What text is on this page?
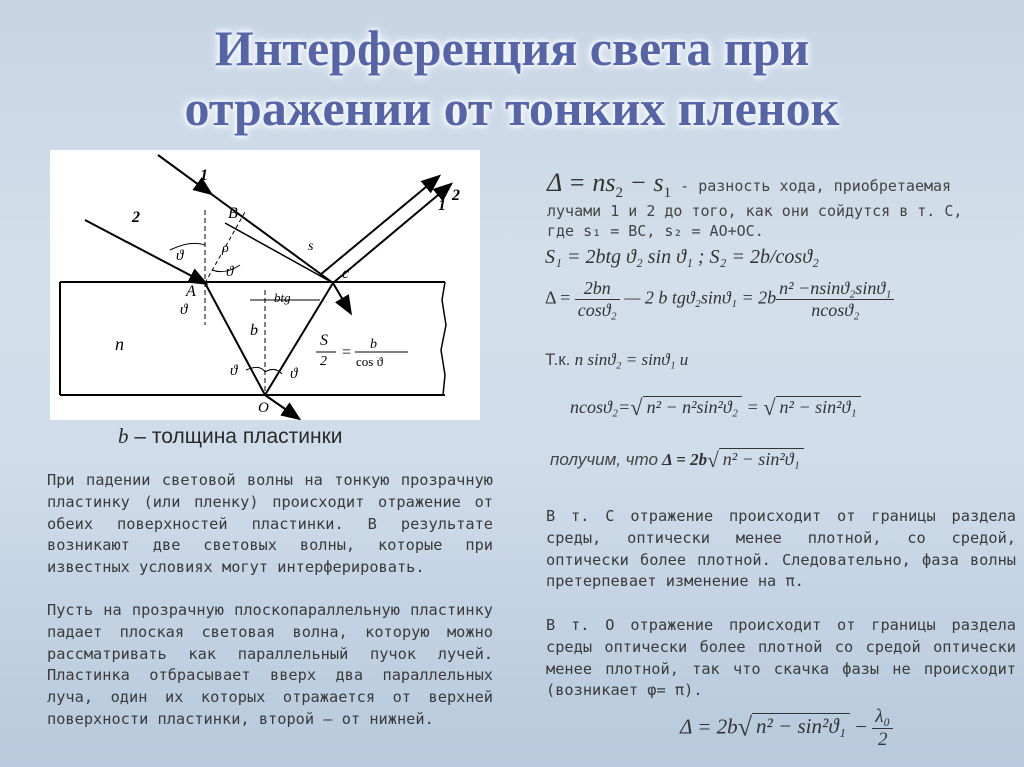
Интерференция света при
отражении от тонких пленок
1
2
1
2
A
B
c
O
n
b
btg
s
ρ
ϑ
ϑ
ϑ
ϑ	ϑ
S
2
= b
cos ϑ
b – толщина пластинки

При падении световой волны на тонкую прозрачную пластинку (или пленку) происходит отражение от обеих поверхностей пластинки. В результате возникают две световых волны, которые при известных условиях могут интерферировать.

Пусть на прозрачную плоскопараллельную пластинку падает плоская световая волна, которую можно рассматривать как параллельный пучок лучей. Пластинка отбрасывает вверх два параллельных луча, один их которых отражается от верхней поверхности пластинки, второй – от нижней.

$\Delta = ns_2 - s_1$ - разность хода, приобретаемая
лучами 1 и 2 до того, как они сойдутся в т. С,
где s₁ = BC, s₂ = AO+OC.
S₁ = 2btg ϑ₂ sin ϑ₁ ; S₂ = 2b/cosϑ₂
$\Delta = \frac{2bn}{\text{cosϑ₂}}$ — 2 b $tgϑ_2\sin ϑ_1 = 2b \frac{\text{n² −nsinϑ₂sinϑ₁}}{\text{ncosϑ₂}}$
Т.к. n sinϑ₂ = sinϑ₁ и
ncosϑ₂=√ n² − n²sin²ϑ₂ = √ n² − sin²ϑ₁
получим, что Δ = 2b√ n² − sin²ϑ₁

В т. С отражение происходит от границы раздела среды, оптически менее плотной, со средой, оптически более плотной. Следовательно, фаза волны претерпевает изменение на π.

В т. О отражение происходит от границы раздела среды оптически более плотной со средой оптически менее плотной, так что скачка фазы не происходит (возникает φ= π).

Δ = 2b√ $n^2 - \sin^2ϑ_1 - \frac{\text{λ₀}}{2}$
